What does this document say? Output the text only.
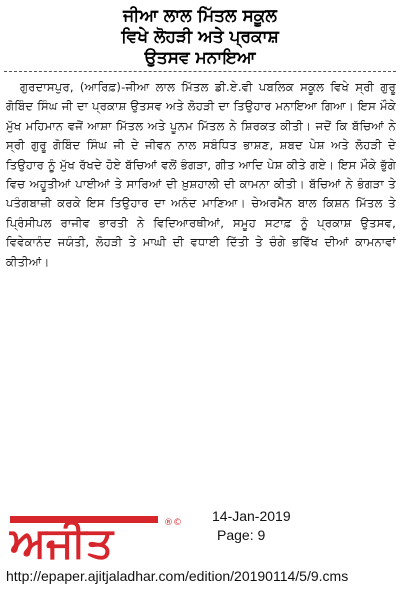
ਜੀਆ ਲਾਲ ਮਿੱਤਲ ਸਕੂਲ
ਵਿਖੇ ਲੋਹੜੀ ਅਤੇ ਪ੍ਰਕਾਸ਼
ਉਤਸਵ ਮਨਾਇਆ

ਗੁਰਦਾਸਪੁਰ, (ਆਰਿਫ਼)-ਜੀਆ ਲਾਲ ਮਿੱਤਲ ਡੀ.ਏ.ਵੀ ਪਬਲਿਕ ਸਕੂਲ ਵਿਖੇ ਸ੍ਰੀ ਗੁਰੂ ਗੋਬਿੰਦ ਸਿੰਘ ਜੀ ਦਾ ਪ੍ਰਕਾਸ਼ ਉਤਸਵ ਅਤੇ ਲੋਹੜੀ ਦਾ ਤਿਉਹਾਰ ਮਨਾਇਆ ਗਿਆ। ਇਸ ਮੌਕੇ ਮੁੱਖ ਮਹਿਮਾਨ ਵਜੋਂ ਆਸ਼ਾ ਮਿੱਤਲ ਅਤੇ ਪੂਨਮ ਮਿੱਤਲ ਨੇ ਸ਼ਿਰਕਤ ਕੀਤੀ। ਜਦੋਂ ਕਿ ਬੱਚਿਆਂ ਨੇ ਸ੍ਰੀ ਗੁਰੂ ਗੋਬਿੰਦ ਸਿੰਘ ਜੀ ਦੇ ਜੀਵਨ ਨਾਲ ਸਬੰਧਿਤ ਭਾਸ਼ਣ, ਸ਼ਬਦ ਪੇਸ਼ ਅਤੇ ਲੋਹੜੀ ਦੇ ਤਿਉਹਾਰ ਨੂੰ ਮੁੱਖ ਰੱਖਦੇ ਹੋਏ ਬੱਚਿਆਂ ਵਲੋਂ ਭੰਗੜਾ, ਗੀਤ ਆਦਿ ਪੇਸ਼ ਕੀਤੇ ਗਏ। ਇਸ ਮੌਕੇ ਭੁੱਗੇ ਵਿਚ ਅਹੂਤੀਆਂ ਪਾਈਆਂ ਤੇ ਸਾਰਿਆਂ ਦੀ ਖ਼ੁਸ਼ਹਾਲੀ ਦੀ ਕਾਮਨਾ ਕੀਤੀ। ਬੱਚਿਆਂ ਨੇ ਭੰਗੜਾ ਤੇ ਪਤੰਗਬਾਜ਼ੀ ਕਰਕੇ ਇਸ ਤਿਉਹਾਰ ਦਾ ਅਨੰਦ ਮਾਣਿਆ। ਚੇਅਰਮੈਨ ਬਾਲ ਕਿਸ਼ਨ ਮਿੱਤਲ ਤੇ ਪ੍ਰਿੰਸੀਪਲ ਰਾਜੀਵ ਭਾਰਤੀ ਨੇ ਵਿਦਿਆਰਥੀਆਂ, ਸਮੂਹ ਸਟਾਫ਼ ਨੂੰ ਪ੍ਰਕਾਸ਼ ਉਤਸਵ, ਵਿਵੇਕਾਨੰਦ ਜਯੰਤੀ, ਲੋਹੜੀ ਤੇ ਮਾਘੀ ਦੀ ਵਧਾਈ ਦਿੱਤੀ ਤੇ ਚੰਗੇ ਭਵਿੱਖ ਦੀਆਂ ਕਾਮਨਾਵਾਂ ਕੀਤੀਆਂ।

ਅਜੀਤ	®© 14-Jan-2019
Page: 9
http://epaper.ajitjaladhar.com/edition/20190114/5/9.cms
